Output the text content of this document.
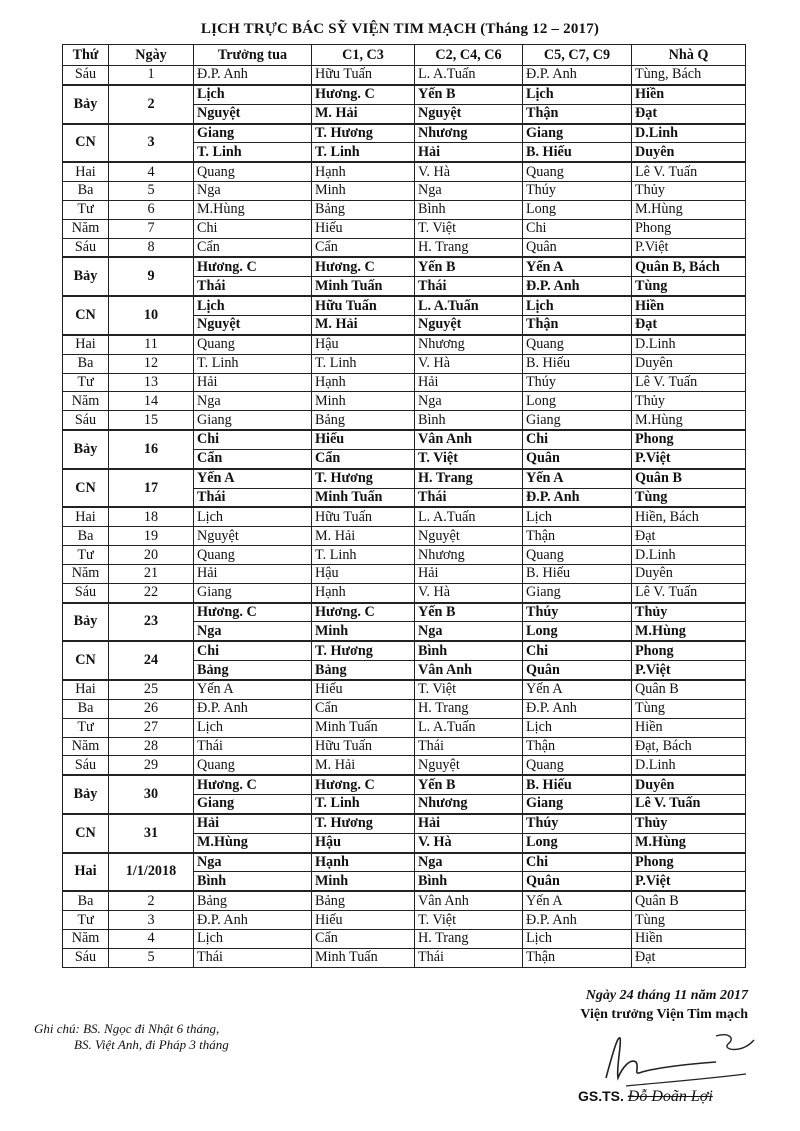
LỊCH TRỰC BÁC SỸ VIỆN TIM MẠCH (Tháng 12 – 2017)
Thứ	Ngày	Trưởng tua	C1, C3	C2, C4, C6	C5, C7, C9	Nhà Q
Sáu	1	Đ.P. Anh	Hữu Tuấn	L. A.Tuấn	Đ.P. Anh	Tùng, Bách
Bảy	2	Lịch	Hương. C	Yến B	Lịch	Hiền
		Nguyệt	M. Hải	Nguyệt	Thận	Đạt
CN	3	Giang	T. Hương	Nhương	Giang	D.Linh
		T. Linh	T. Linh	Hải	B. Hiếu	Duyên
Hai	4	Quang	Hạnh	V. Hà	Quang	Lê V. Tuấn
Ba	5	Nga	Minh	Nga	Thúy	Thủy
Tư	6	M.Hùng	Bảng	Bình	Long	M.Hùng
Năm	7	Chi	Hiếu	T. Việt	Chi	Phong
Sáu	8	Cẩn	Cẩn	H. Trang	Quân	P.Việt
Bảy	9	Hương. C	Hương. C	Yến B	Yến A	Quân B, Bách
		Thái	Minh Tuấn	Thái	Đ.P. Anh	Tùng
CN	10	Lịch	Hữu Tuấn	L. A.Tuấn	Lịch	Hiền
		Nguyệt	M. Hải	Nguyệt	Thận	Đạt
Hai	11	Quang	Hậu	Nhương	Quang	D.Linh
Ba	12	T. Linh	T. Linh	V. Hà	B. Hiếu	Duyên
Tư	13	Hải	Hạnh	Hải	Thúy	Lê V. Tuấn
Năm	14	Nga	Minh	Nga	Long	Thủy
Sáu	15	Giang	Bảng	Bình	Giang	M.Hùng
Bảy	16	Chi	Hiếu	Vân Anh	Chi	Phong
		Cẩn	Cẩn	T. Việt	Quân	P.Việt
CN	17	Yến A	T. Hương	H. Trang	Yến A	Quân B
		Thái	Minh Tuấn	Thái	Đ.P. Anh	Tùng
Hai	18	Lịch	Hữu Tuấn	L. A.Tuấn	Lịch	Hiền, Bách
Ba	19	Nguyệt	M. Hải	Nguyệt	Thận	Đạt
Tư	20	Quang	T. Linh	Nhương	Quang	D.Linh
Năm	21	Hải	Hậu	Hải	B. Hiếu	Duyên
Sáu	22	Giang	Hạnh	V. Hà	Giang	Lê V. Tuấn
Bảy	23	Hương. C	Hương. C	Yến B	Thúy	Thủy
		Nga	Minh	Nga	Long	M.Hùng
CN	24	Chi	T. Hương	Bình	Chi	Phong
		Bảng	Bảng	Vân Anh	Quân	P.Việt
Hai	25	Yến A	Hiếu	T. Việt	Yến A	Quân B
Ba	26	Đ.P. Anh	Cẩn	H. Trang	Đ.P. Anh	Tùng
Tư	27	Lịch	Minh Tuấn	L. A.Tuấn	Lịch	Hiền
Năm	28	Thái	Hữu Tuấn	Thái	Thận	Đạt, Bách
Sáu	29	Quang	M. Hải	Nguyệt	Quang	D.Linh
Bảy	30	Hương. C	Hương. C	Yến B	B. Hiếu	Duyên
		Giang	T. Linh	Nhương	Giang	Lê V. Tuấn
CN	31	Hải	T. Hương	Hải	Thúy	Thủy
		M.Hùng	Hậu	V. Hà	Long	M.Hùng
Hai	1/1/2018	Nga	Hạnh	Nga	Chi	Phong
		Bình	Minh	Bình	Quân	P.Việt
Ba	2	Bảng	Bảng	Vân Anh	Yến A	Quân B
Tư	3	Đ.P. Anh	Hiếu	T. Việt	Đ.P. Anh	Tùng
Năm	4	Lịch	Cẩn	H. Trang	Lịch	Hiền
Sáu	5	Thái	Minh Tuấn	Thái	Thận	Đạt
Ngày 24 tháng 11 năm 2017
Viện trưởng Viện Tim mạch
Ghi chú: BS. Ngọc đi Nhật 6 tháng,
BS. Việt Anh, đi Pháp 3 tháng
GS.TS. Đỗ Doãn Lợi
